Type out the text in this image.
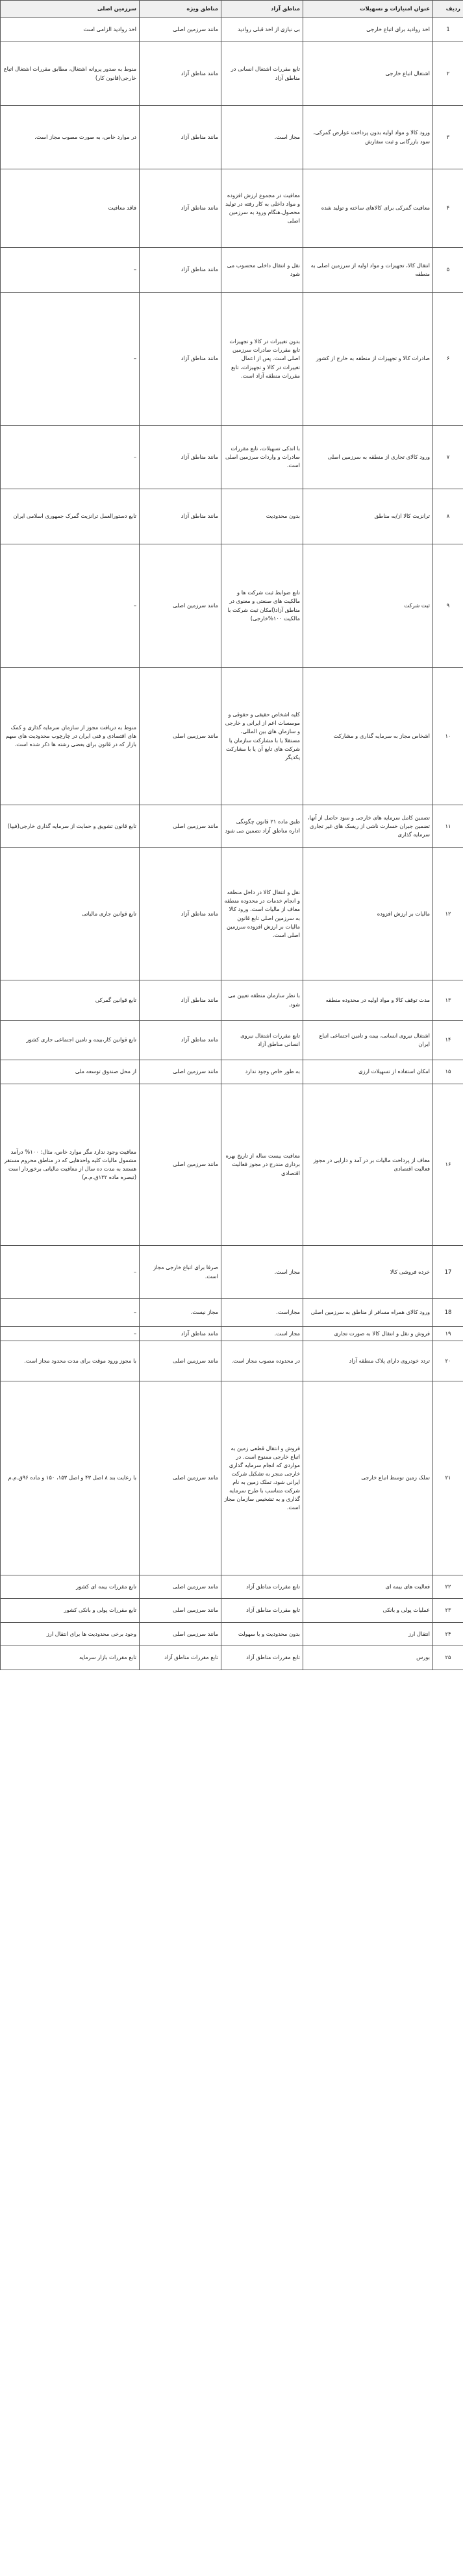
ردیف	عنوان امتیازات و تسهیلات	مناطق آزاد	مناطق ویژه	سرزمین اصلی
1	اخذ روادید برای اتباع خارجی	بی نیازی از اخذ قبلی روادید	مانند سرزمین اصلی	اخذ روادید الزامی است
۲	اشتغال اتباع خارجی	تابع مقررات اشتغال انسانی در مناطق آزاد	مانند مناطق آزاد	منوط به صدور پروانه اشتغال، مطابق مقررات اشتغال اتباع خارجی(قانون کار)
۳	ورود کالا و مواد اولیه بدون پرداخت عوارض گمرکی، سود بازرگانی و ثبت سفارش	مجاز است.	مانند مناطق آزاد	در موارد خاص، به صورت مصوب مجاز است.
۴	معافیت گمرکی برای کالاهای ساخته و تولید شده	معافیت در مجموع ارزش افزوده و مواد داخلی به کار رفته در تولید محصول.هنگام ورود به سرزمین اصلی	مانند مناطق آزاد	فاقد معافیت
۵	انتقال کالا، تجهیزات و مواد اولیه از سرزمین اصلی به منطقه	نقل و انتقال داخلی محسوب می شود	مانند مناطق آزاد	–
۶	صادرات کالا و تجهیزات از منطقه به خارج از کشور	بدون تغییرات در کالا و تجهیزات تابع مقررات صادرات سرزمین اصلی است. پس از اعمال تغییرات در کالا و تجهیزات، تابع مقررات منطقه آزاد است.	مانند مناطق آزاد	–
۷	ورود کالای تجاری از منطقه به سرزمین اصلی	با اندکی تسهیلات، تابع مقررات صادرات و واردات سرزمین اصلی است.	مانند مناطق آزاد	–
۸	ترانزیت کالا از/به مناطق	بدون محدودیت	مانند مناطق آزاد	تابع دستورالعمل ترانزیت گمرک جمهوری اسلامی ایران
۹	ثبت شرکت	تابع ضوابط ثبت شرکت ها و مالکیت های صنعتی و معنوی در مناطق آزاد(امکان ثبت شرکت با مالکیت ۱۰۰%خارجی)	مانند سرزمین اصلی	–
۱۰	اشخاص مجاز به سرمایه گذاری و مشارکت	کلیه اشخاص حقیقی و حقوقی و موسسات اعم از ایرانی و خارجی و سازمان های بین المللی، مستقلا یا با مشارکت سازمان یا شرکت های تابع آن یا با مشارکت یکدیگر	مانند سرزمین اصلی	منوط به دریافت مجوز از سازمان سرمایه گذاری و کمک های اقتصادی و فنی ایران در چارچوب محدودیت های سهم بازار که در قانون برای بعضی رشته ها ذکر شده است.
۱۱	تضمین کامل سرمایه های خارجی و سود حاصل از آنها، تضمین جبران خسارت ناشی از ریسک های غیر تجاری سرمایه گذاری	طبق ماده ۲۱ قانون چگونگی اداره مناطق آزاد تضمین می شود	مانند سرزمین اصلی	تابع قانون تشویق و حمایت از سرمایه گذاری خارجی(فیپا)
۱۲	مالیات بر ارزش افزوده	نقل و انتقال کالا در داخل منطقه و انجام خدمات در محدوده منطقه معاف از مالیات است. ورود کالا به سرزمین اصلی تابع قانون مالیات بر ارزش افزوده سرزمین اصلی است.	مانند مناطق آزاد	تابع قوانین جاری مالیاتی
۱۳	مدت توقف کالا و مواد اولیه در محدوده منطقه	با نظر سازمان منطقه تعیین می شود.	مانند مناطق آزاد	تابع قوانین گمرکی
۱۴	اشتغال نیروی انسانی، بیمه و تامین اجتماعی اتباع ایران	تابع مقررات اشتغال نیروی انسانی مناطق آزاد	مانند مناطق آزاد	تابع قوانین کار،بیمه و تامین اجتماعی جاری کشور
۱۵	امکان استفاده از تسهیلات ارزی	به طور خاص وجود ندارد	مانند سرزمین اصلی	از محل صندوق توسعه ملی
۱۶	معاف از پرداخت مالیات بر در آمد و دارایی در مجوز فعالیت اقتصادی	معافیت بیست ساله از تاریخ بهره برداری مندرج در مجوز فعالیت اقتصادی	مانند سرزمین اصلی	معافیت وجود ندارد مگر موارد خاص، مثال: ۱۰۰% درآمد مشمول مالیات کلیه واحدهایی که در مناطق محروم مستقر هستند به مدت ده سال از معافیت مالیاتی برخوردار است (تبصره ماده ۱۳۲ق.م.م)
17	خرده فروشی کالا	مجاز است.	صرفا برای اتباع خارجی مجاز است.	–
18	ورود کالای همراه مسافر از مناطق به سرزمین اصلی	مجازاست.	مجاز نیست.	–
۱۹	فروش و نقل و انتقال کالا به صورت تجاری	مجاز است.	مانند مناطق آزاد	–
۲۰	تردد خودروی دارای پلاک منطقه آزاد	در محدوده مصوب مجاز است.	مانند سرزمین اصلی	با مجوز ورود موقت برای مدت محدود مجاز است.
۲۱	تملک زمین توسط اتباع خارجی	فروش و انتقال قطعی زمین به اتباع خارجی ممنوع است. در مواردی که انجام سرمایه گذاری خارجی منجر به تشکیل شرکت ایرانی شود، تملک زمین به نام شرکت متناسب با طرح سرمایه گذاری و به تشخیص سازمان مجاز است.	مانند سرزمین اصلی	با رعایت بند ۸ اصل ۴۳ و اصل ۱۵۳، ۱۵۰ و ماده ۹۶ق.م.م
۲۲	فعالیت های بیمه ای	تابع مقررات مناطق آزاد	مانند سرزمین اصلی	تابع مقررات بیمه ای کشور
۲۳	عملیات پولی و بانکی	تابع مقررات مناطق آزاد	مانند سرزمین اصلی	تابع مقررات پولی و بانکی کشور
۲۴	انتقال ارز	بدون محدودیت و با سهولت	مانند سرزمین اصلی	وجود برخی محدودیت ها برای انتقال ارز
۲۵	بورس	تابع مقررات مناطق آزاد	تابع مقررات مناطق آزاد	تابع مقررات بازار سرمایه
